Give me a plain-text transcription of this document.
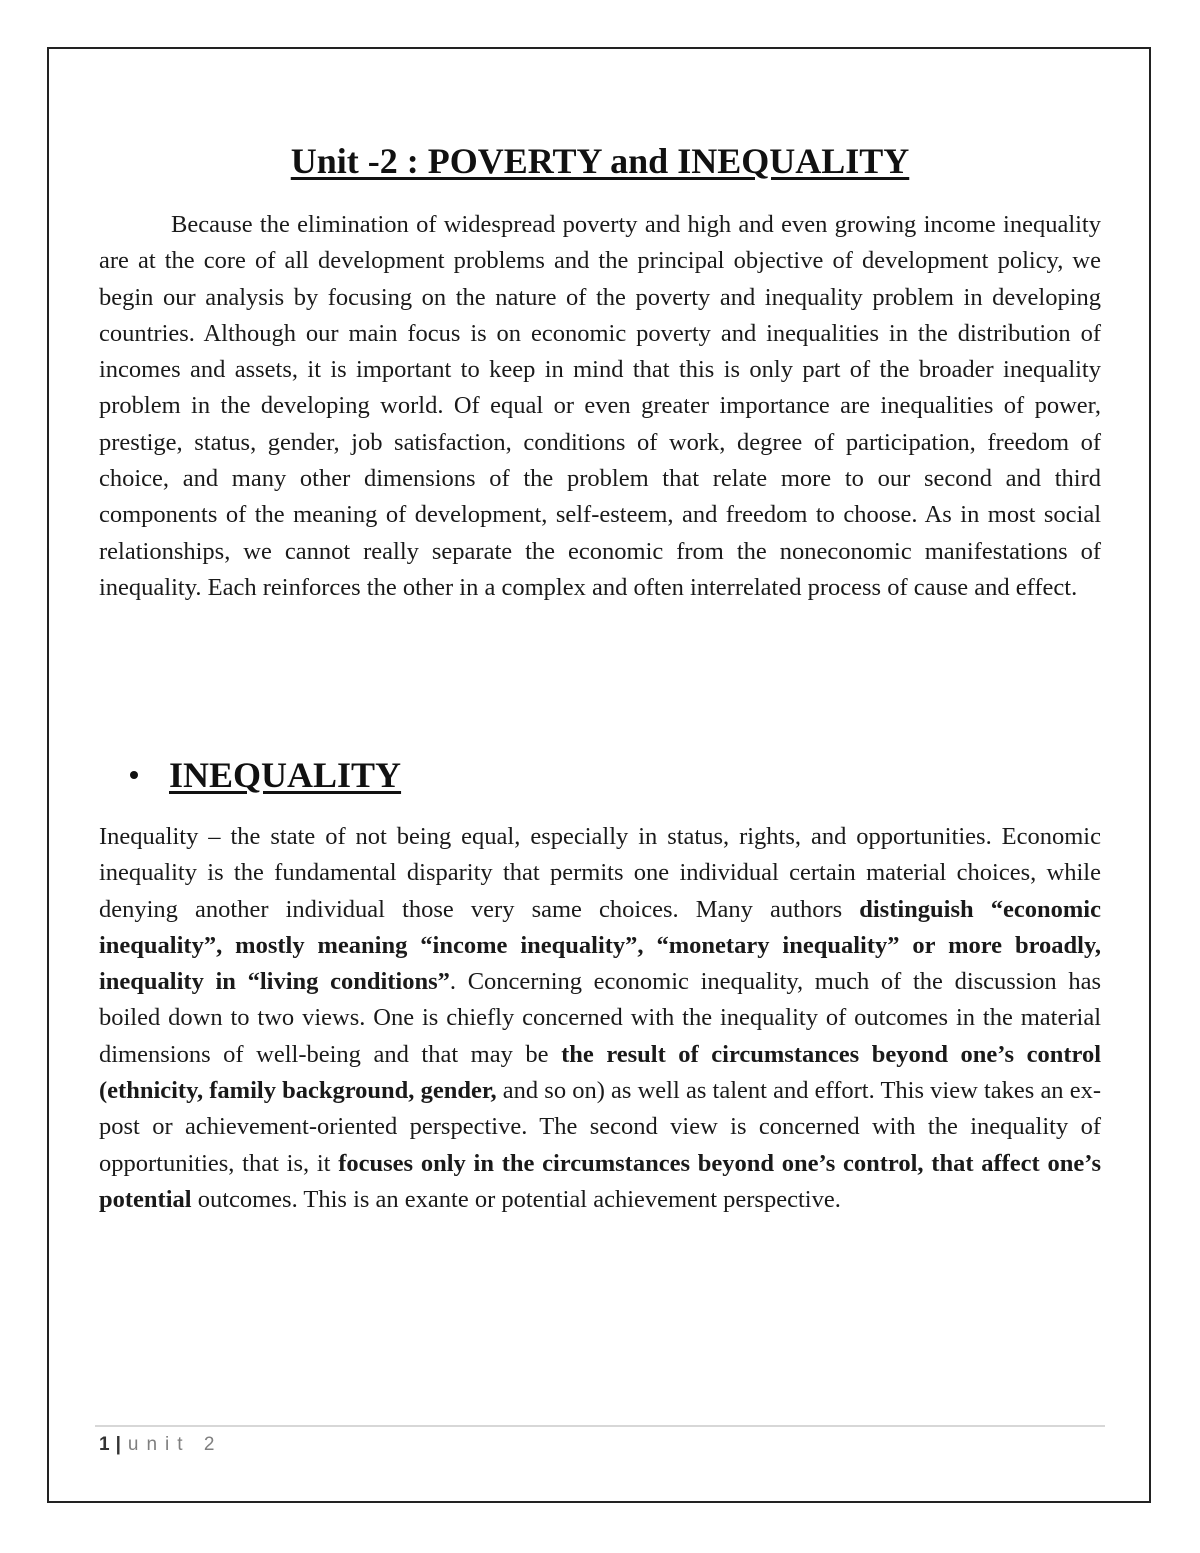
Unit -2 : POVERTY and INEQUALITY

Because the elimination of widespread poverty and high and even growing income inequality are at the core of all development problems and the principal objective of development policy, we begin our analysis by focusing on the nature of the poverty and inequality problem in developing countries. Although our main focus is on economic poverty and inequalities in the distribution of incomes and assets, it is important to keep in mind that this is only part of the broader inequality problem in the developing world. Of equal or even greater importance are inequalities of power, prestige, status, gender, job satisfaction, conditions of work, degree of participation, freedom of choice, and many other dimensions of the problem that relate more to our second and third components of the meaning of development, self-esteem, and freedom to choose. As in most social relationships, we cannot really separate the economic from the noneconomic manifestations of inequality. Each reinforces the other in a complex and often interrelated process of cause and effect.

INEQUALITY

Inequality – the state of not being equal, especially in status, rights, and opportunities. Economic inequality is the fundamental disparity that permits one individual certain material choices, while denying another individual those very same choices. Many authors distinguish “economic inequality”, mostly meaning “income inequality”, “monetary inequality” or more broadly, inequality in “living conditions”. Concerning economic inequality, much of the discussion has boiled down to two views. One is chiefly concerned with the inequality of outcomes in the material dimensions of well-being and that may be the result of circumstances beyond one’s control (ethnicity, family background, gender, and so on) as well as talent and effort. This view takes an ex-post or achievement-oriented perspective. The second view is concerned with the inequality of opportunities, that is, it focuses only in the circumstances beyond one’s control, that affect one’s potential outcomes. This is an exante or potential achievement perspective.

1 | unit 2
